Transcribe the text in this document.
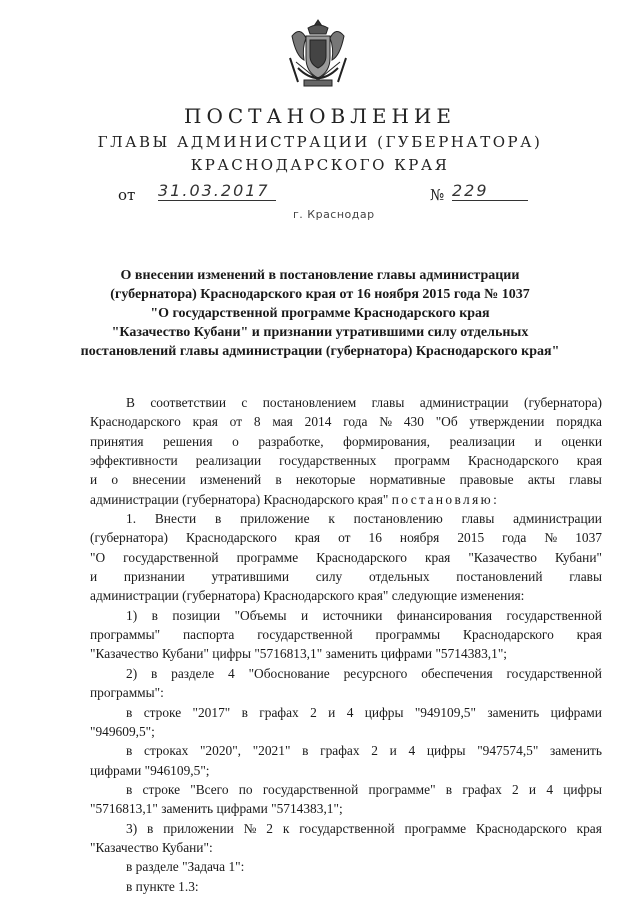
ПОСТАНОВЛЕНИЕ
ГЛАВЫ АДМИНИСТРАЦИИ (ГУБЕРНАТОРА)
КРАСНОДАРСКОГО КРАЯ
от 31.03.2017	№ 229
г. Краснодар
О внесении изменений в постановление главы администрации
(губернатора) Краснодарского края от 16 ноября 2015 года № 1037
"О государственной программе Краснодарского края
"Казачество Кубани" и признании утратившими силу отдельных
постановлений главы администрации (губернатора) Краснодарского края"
В соответствии с постановлением главы администрации (губернатора)
Краснодарского края от 8 мая 2014 года № 430 "Об утверждении порядка
принятия решения о разработке, формирования, реализации и оценки
эффективности реализации государственных программ Краснодарского края
и о внесении изменений в некоторые нормативные правовые акты главы
администрации (губернатора) Краснодарского края" постановляю:
1. Внести в приложение к постановлению главы администрации
(губернатора) Краснодарского края от 16 ноября 2015 года № 1037
"О государственной программе Краснодарского края "Казачество Кубани"
и признании утратившими силу отдельных постановлений главы
администрации (губернатора) Краснодарского края" следующие изменения:
1) в позиции "Объемы и источники финансирования государственной
программы" паспорта государственной программы Краснодарского края
"Казачество Кубани" цифры "5716813,1" заменить цифрами "5714383,1";
2) в разделе 4 "Обоснование ресурсного обеспечения государственной
программы":
в строке "2017" в графах 2 и 4 цифры "949109,5" заменить цифрами
"949609,5";
в строках "2020", "2021" в графах 2 и 4 цифры "947574,5" заменить
цифрами "946109,5";
в строке "Всего по государственной программе" в графах 2 и 4 цифры
"5716813,1" заменить цифрами "5714383,1";
3) в приложении № 2 к государственной программе Краснодарского края
"Казачество Кубани":
в разделе "Задача 1":
в пункте 1.3:
